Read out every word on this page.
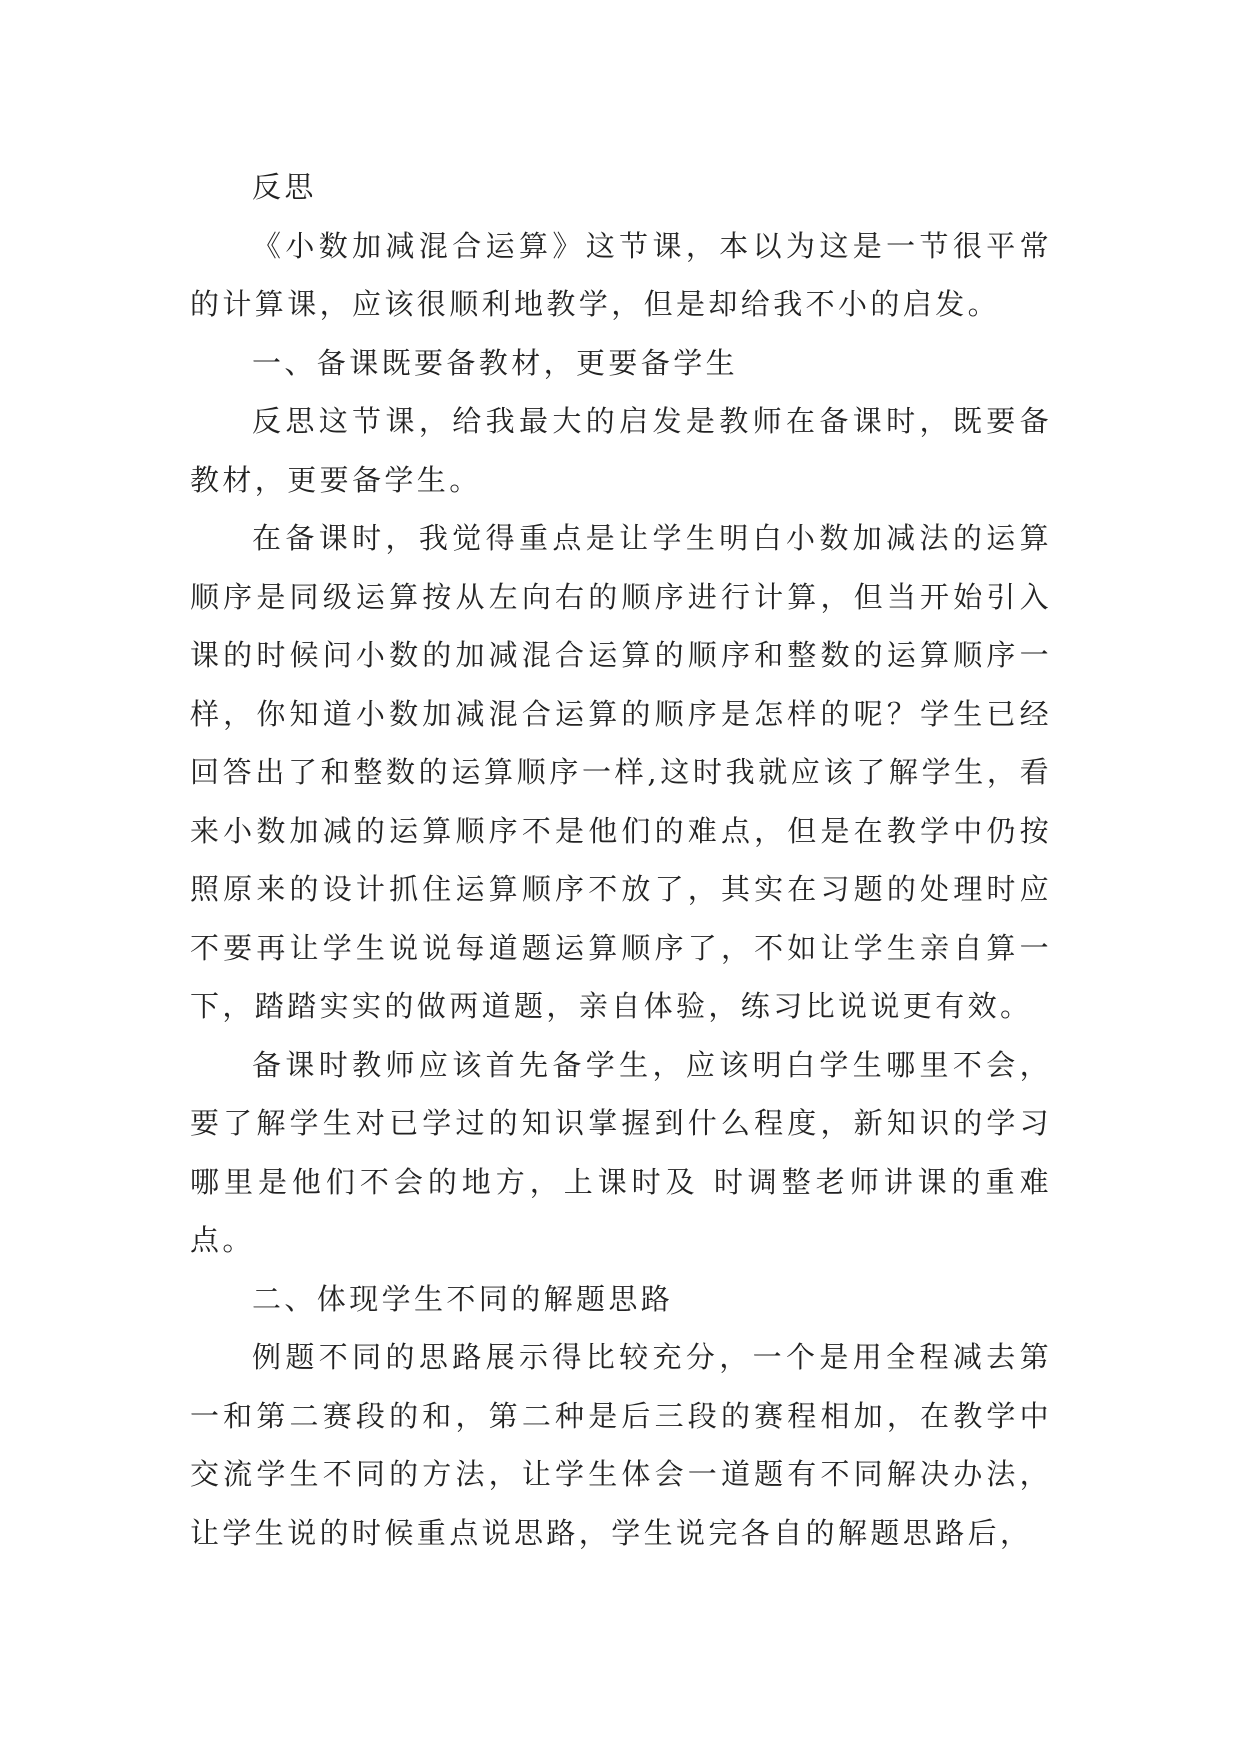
反思

《小数加减混合运算》这节课，本以为这是一节很平常的计算课，应该很顺利地教学，但是却给我不小的启发。

一、备课既要备教材，更要备学生

反思这节课，给我最大的启发是教师在备课时，既要备教材，更要备学生。

在备课时，我觉得重点是让学生明白小数加减法的运算顺序是同级运算按从左向右的顺序进行计算，但当开始引入课的时候问小数的加减混合运算的顺序和整数的运算顺序一样，你知道小数加减混合运算的顺序是怎样的呢？学生已经回答出了和整数的运算顺序一样,这时我就应该了解学生，看来小数加减的运算顺序不是他们的难点，但是在教学中仍按照原来的设计抓住运算顺序不放了，其实在习题的处理时应不要再让学生说说每道题运算顺序了，不如让学生亲自算一下，踏踏实实的做两道题，亲自体验，练习比说说更有效。

备课时教师应该首先备学生，应该明白学生哪里不会，要了解学生对已学过的知识掌握到什么程度，新知识的学习哪里是他们不会的地方，上课时及 时调整老师讲课的重难点。

二、体现学生不同的解题思路

例题不同的思路展示得比较充分，一个是用全程减去第一和第二赛段的和，第二种是后三段的赛程相加，在教学中交流学生不同的方法，让学生体会一道题有不同解决办法，让学生说的时候重点说思路，学生说完各自的解题思路后，
